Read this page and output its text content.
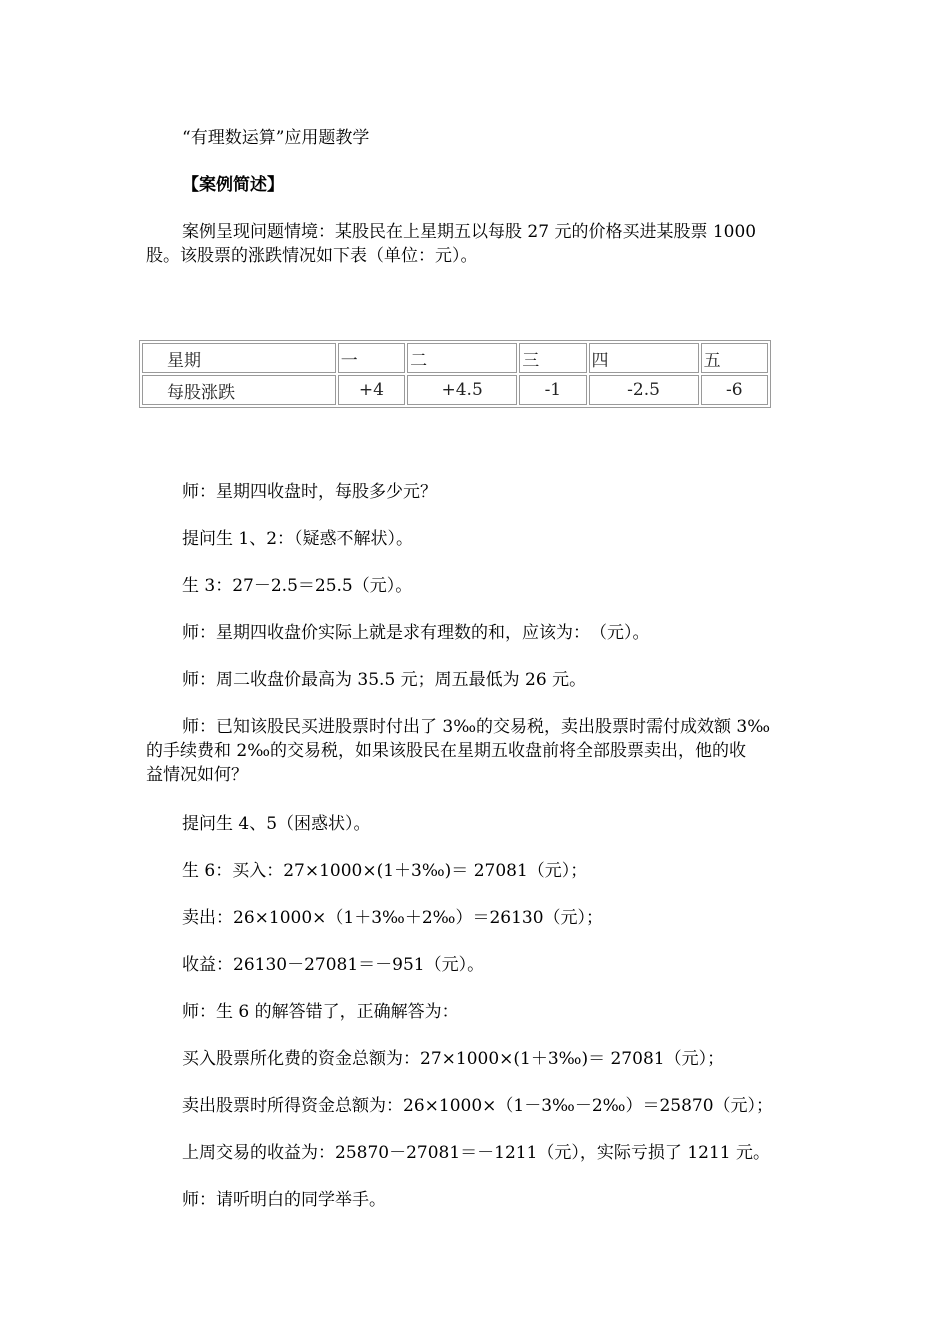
“有理数运算”应用题教学
【案例简述】
案例呈现问题情境：某股民在上星期五以每股 27 元的价格买进某股票 1000
股。该股票的涨跌情况如下表（单位：元）。
星期	一	二	三	四	五
每股涨跌	+4	+4.5	-1	-2.5	-6
师：星期四收盘时，每股多少元？
提问生 1、2：（疑惑不解状）。
生 3：27－2.5＝25.5（元）。
师：星期四收盘价实际上就是求有理数的和，应该为：　（元）。
师：周二收盘价最高为 35.5 元；周五最低为 26 元。
师：已知该股民买进股票时付出了 3‰的交易税，卖出股票时需付成效额 3‰
的手续费和 2‰的交易税，如果该股民在星期五收盘前将全部股票卖出，他的收
益情况如何？
提问生 4、5（困惑状）。
生 6：买入：27×1000×(1＋3‰)＝ 27081（元）；
卖出：26×1000×（1＋3‰＋2‰）＝26130（元）；
收益：26130－27081＝－951（元）。
师：生 6 的解答错了，正确解答为：
买入股票所化费的资金总额为：27×1000×(1＋3‰)＝ 27081（元）；
卖出股票时所得资金总额为：26×1000×（1－3‰－2‰）＝25870（元）；
上周交易的收益为：25870－27081＝－1211（元），实际亏损了 1211 元。
师：请听明白的同学举手。
